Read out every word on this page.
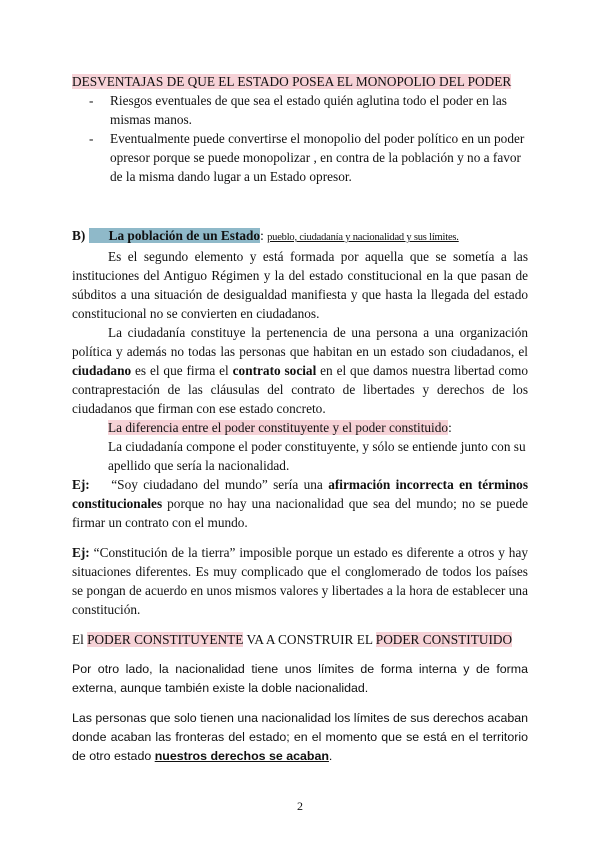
DESVENTAJAS DE QUE EL ESTADO POSEA EL MONOPOLIO DEL PODER
- Riesgos eventuales de que sea el estado quién aglutina todo el poder en las mismas manos.
- Eventualmente puede convertirse el monopolio del poder político en un poder opresor porque se puede monopolizar , en contra de la población y no a favor de la misma dando lugar a un Estado opresor.
B) La población de un Estado: pueblo, ciudadanía y nacionalidad y sus límites.

Es el segundo elemento y está formada por aquella que se sometía a las instituciones del Antiguo Régimen y la del estado constitucional en la que pasan de súbditos a una situación de desigualdad manifiesta y que hasta la llegada del estado constitucional no se convierten en ciudadanos.

La ciudadanía constituye la pertenencia de una persona a una organización política y además no todas las personas que habitan en un estado son ciudadanos, el ciudadano es el que firma el contrato social en el que damos nuestra libertad como contraprestación de las cláusulas del contrato de libertades y derechos de los ciudadanos que firman con ese estado concreto.

La diferencia entre el poder constituyente y el poder constituido:
La ciudadanía compone el poder constituyente, y sólo se entiende junto con su apellido que sería la nacionalidad.

Ej: “Soy ciudadano del mundo” sería una afirmación incorrecta en términos constitucionales porque no hay una nacionalidad que sea del mundo; no se puede firmar un contrato con el mundo.

Ej: “Constitución de la tierra” imposible porque un estado es diferente a otros y hay situaciones diferentes. Es muy complicado que el conglomerado de todos los países se pongan de acuerdo en unos mismos valores y libertades a la hora de establecer una constitución.

El PODER CONSTITUYENTE VA A CONSTRUIR EL PODER CONSTITUIDO

Por otro lado, la nacionalidad tiene unos límites de forma interna y de forma externa, aunque también existe la doble nacionalidad.

Las personas que solo tienen una nacionalidad los límites de sus derechos acaban donde acaban las fronteras del estado; en el momento que se está en el territorio de otro estado nuestros derechos se acaban.

2
